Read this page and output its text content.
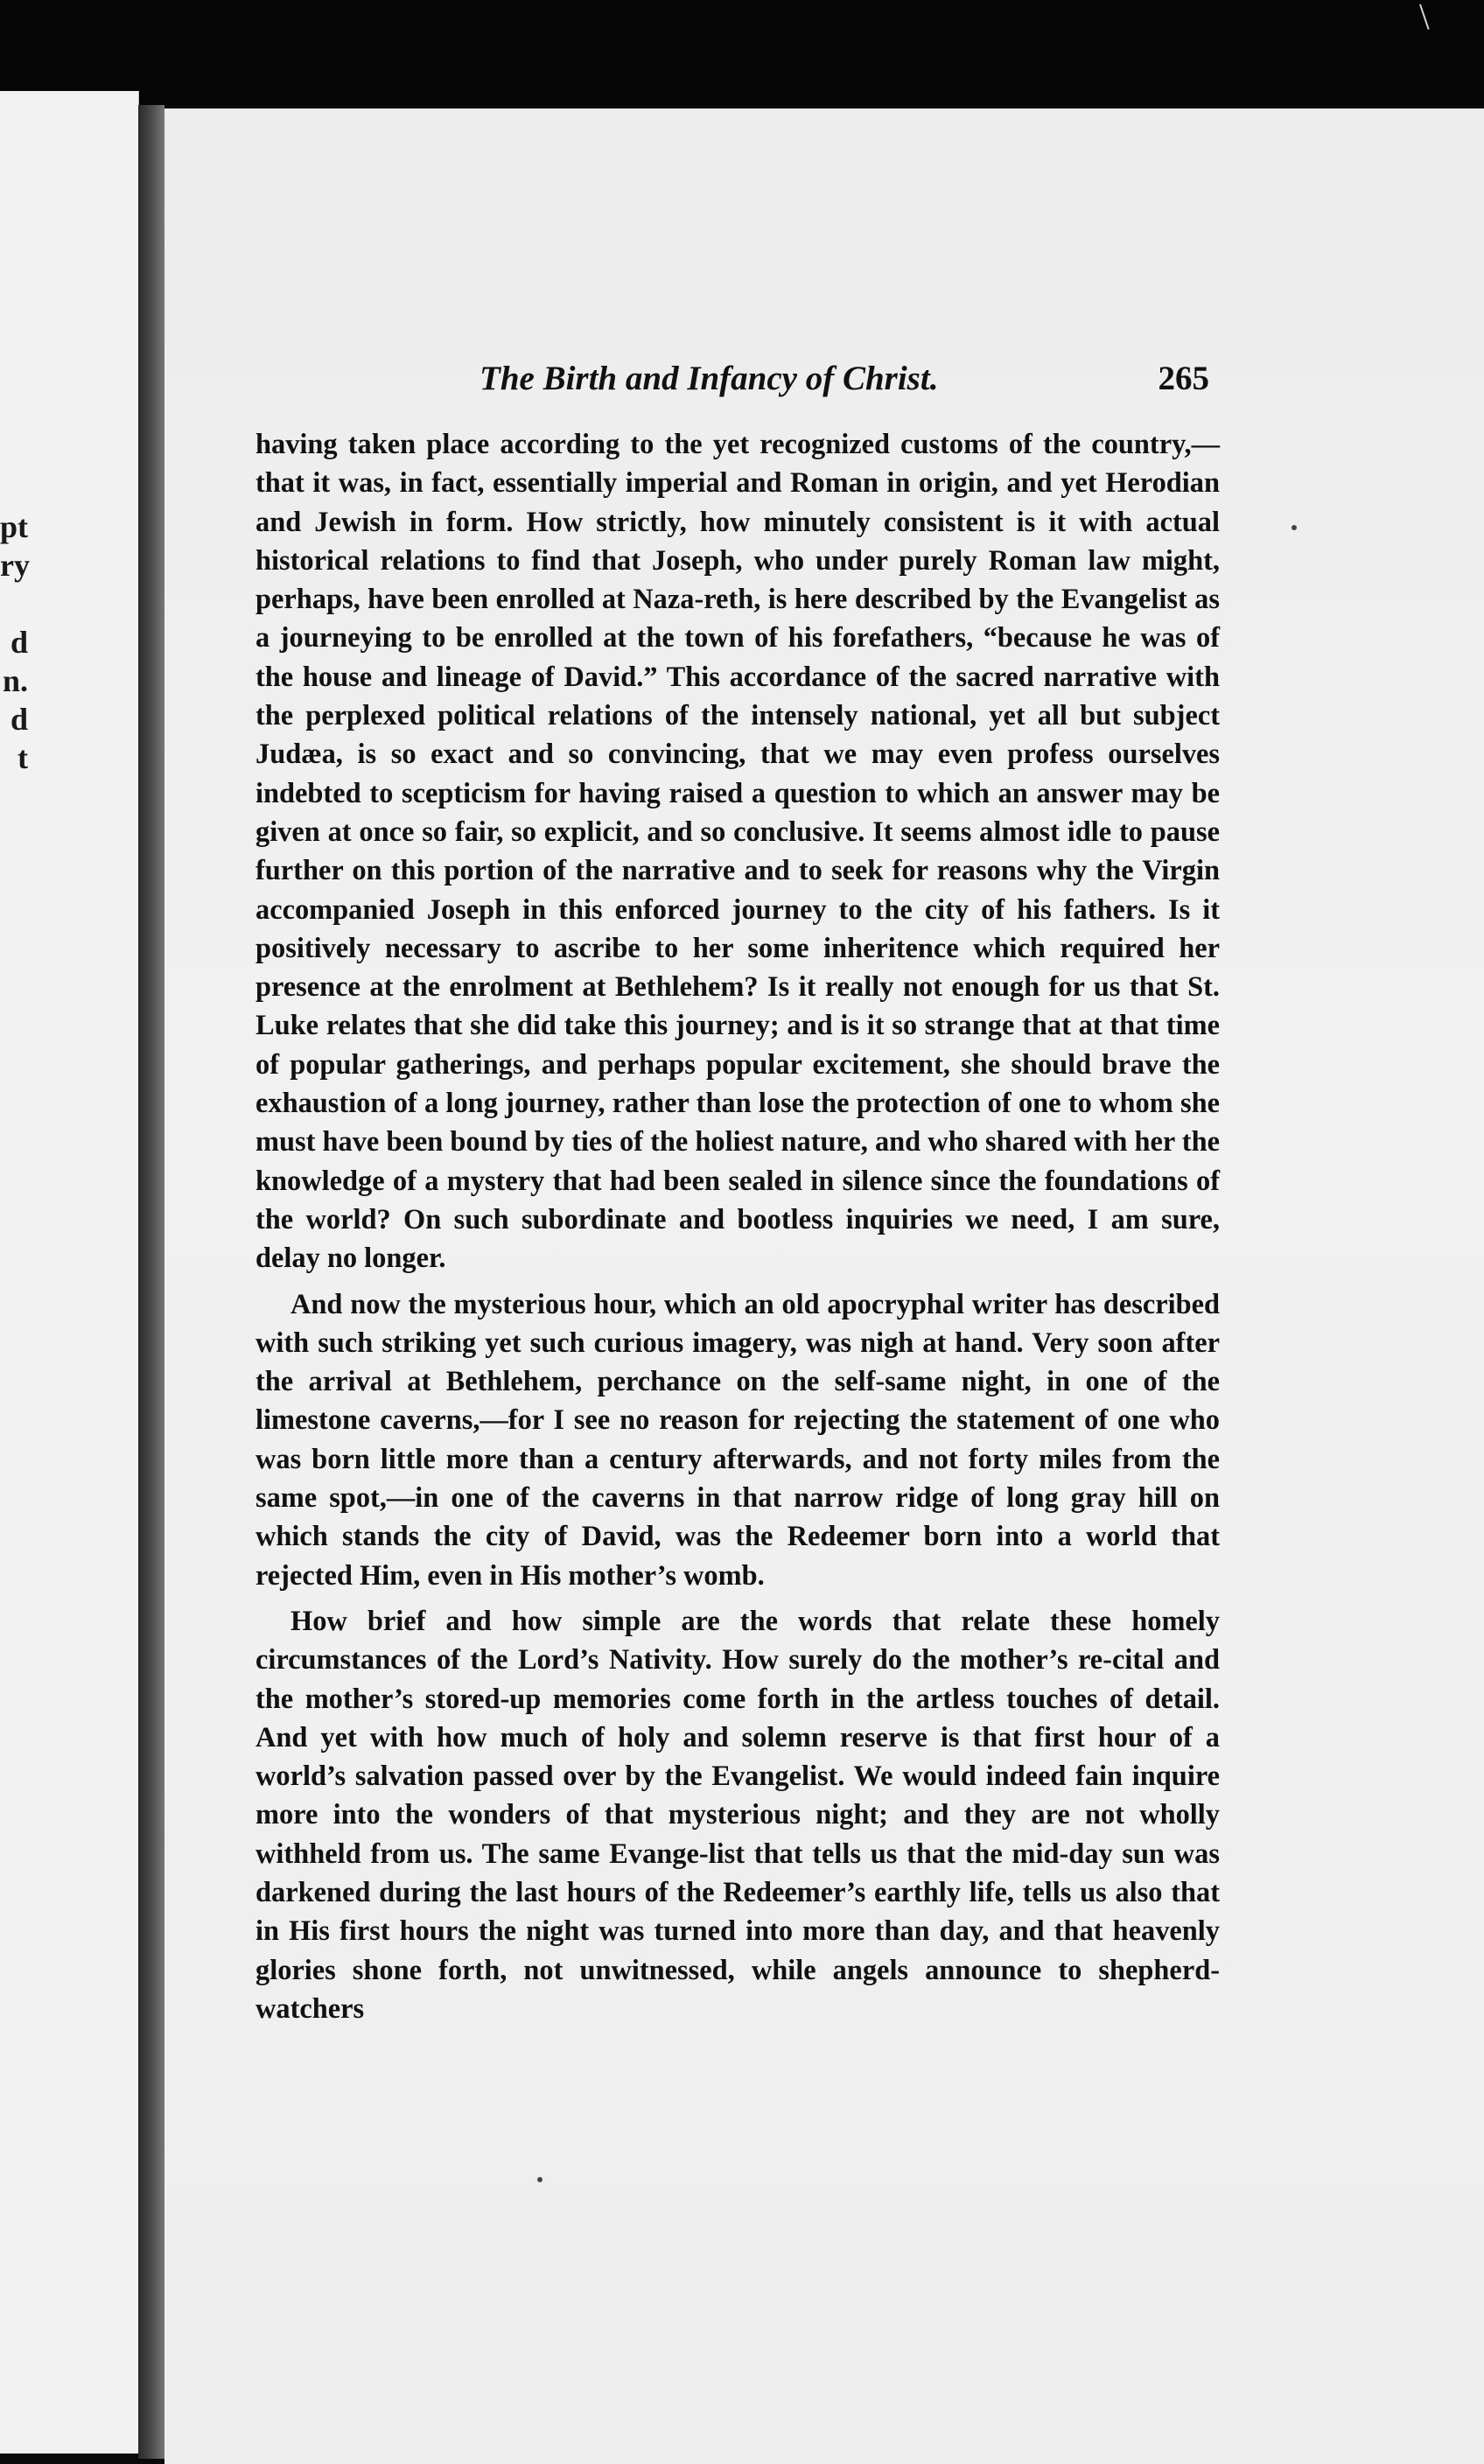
\
pt
ry
d
n.
d
t
The Birth and Infancy of Christ.	265

having taken place according to the yet recognized customs of the country,—that it was, in fact, essentially imperial and Roman in origin, and yet Herodian and Jewish in form. How strictly, how minutely consistent is it with actual historical relations to find that Joseph, who under purely Roman law might, perhaps, have been enrolled at Naza-reth, is here described by the Evangelist as a journeying to be enrolled at the town of his forefathers, “because he was of the house and lineage of David.” This accordance of the sacred narrative with the perplexed political relations of the intensely national, yet all but subject Judæa, is so exact and so convincing, that we may even profess ourselves indebted to scepticism for having raised a question to which an answer may be given at once so fair, so explicit, and so conclusive. It seems almost idle to pause further on this portion of the narrative and to seek for reasons why the Virgin accompanied Joseph in this enforced journey to the city of his fathers. Is it positively necessary to ascribe to her some inheritence which required her presence at the enrolment at Bethlehem? Is it really not enough for us that St. Luke relates that she did take this journey; and is it so strange that at that time of popular gatherings, and perhaps popular excitement, she should brave the exhaustion of a long journey, rather than lose the protection of one to whom she must have been bound by ties of the holiest nature, and who shared with her the knowledge of a mystery that had been sealed in silence since the foundations of the world? On such subordinate and bootless inquiries we need, I am sure, delay no longer.

And now the mysterious hour, which an old apocryphal writer has described with such striking yet such curious imagery, was nigh at hand. Very soon after the arrival at Bethlehem, perchance on the self-same night, in one of the limestone caverns,—for I see no reason for rejecting the statement of one who was born little more than a century afterwards, and not forty miles from the same spot,—in one of the caverns in that narrow ridge of long gray hill on which stands the city of David, was the Redeemer born into a world that rejected Him, even in His mother’s womb.

How brief and how simple are the words that relate these homely circumstances of the Lord’s Nativity. How surely do the mother’s re-cital and the mother’s stored-up memories come forth in the artless touches of detail. And yet with how much of holy and solemn reserve is that first hour of a world’s salvation passed over by the Evangelist. We would indeed fain inquire more into the wonders of that mysterious night; and they are not wholly withheld from us. The same Evange-list that tells us that the mid-day sun was darkened during the last hours of the Redeemer’s earthly life, tells us also that in His first hours the night was turned into more than day, and that heavenly glories shone forth, not unwitnessed, while angels announce to shepherd-watchers
